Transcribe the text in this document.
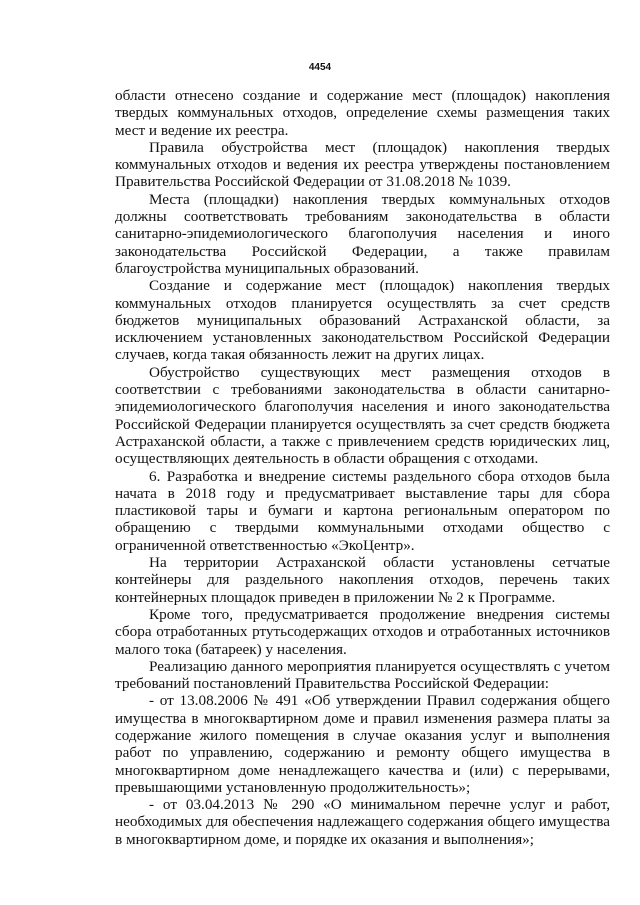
4454

области отнесено создание и содержание мест (площадок) накопления твердых коммунальных отходов, определение схемы размещения таких мест и ведение их реестра.

Правила обустройства мест (площадок) накопления твердых коммунальных отходов и ведения их реестра утверждены постановлением Правительства Российской Федерации от 31.08.2018 № 1039.

Места (площадки) накопления твердых коммунальных отходов должны соответствовать требованиям законодательства в области санитарно-эпидемиологического благополучия населения и иного законодательства Российской Федерации, а также правилам благоустройства муниципальных образований.

Создание и содержание мест (площадок) накопления твердых коммунальных отходов планируется осуществлять за счет средств бюджетов муниципальных образований Астраханской области, за исключением установленных законодательством Российской Федерации случаев, когда такая обязанность лежит на других лицах.

Обустройство существующих мест размещения отходов в соответствии с требованиями законодательства в области санитарно-эпидемиологического благополучия населения и иного законодательства Российской Федерации планируется осуществлять за счет средств бюджета Астраханской области, а также с привлечением средств юридических лиц, осуществляющих деятельность в области обращения с отходами.

6. Разработка и внедрение системы раздельного сбора отходов была начата в 2018 году и предусматривает выставление тары для сбора пластиковой тары и бумаги и картона региональным оператором по обращению с твердыми коммунальными отходами общество с ограниченной ответственностью «ЭкоЦентр».

На территории Астраханской области установлены сетчатые контейнеры для раздельного накопления отходов, перечень таких контейнерных площадок приведен в приложении № 2 к Программе.

Кроме того, предусматривается продолжение внедрения системы сбора отработанных ртутьсодержащих отходов и отработанных источников малого тока (батареек) у населения.

Реализацию данного мероприятия планируется осуществлять с учетом требований постановлений Правительства Российской Федерации:

- от 13.08.2006 № 491 «Об утверждении Правил содержания общего имущества в многоквартирном доме и правил изменения размера платы за содержание жилого помещения в случае оказания услуг и выполнения работ по управлению, содержанию и ремонту общего имущества в многоквартирном доме ненадлежащего качества и (или) с перерывами, превышающими установленную продолжительность»;

- от 03.04.2013 № 290 «О минимальном перечне услуг и работ, необходимых для обеспечения надлежащего содержания общего имущества в многоквартирном доме, и порядке их оказания и выполнения»;
